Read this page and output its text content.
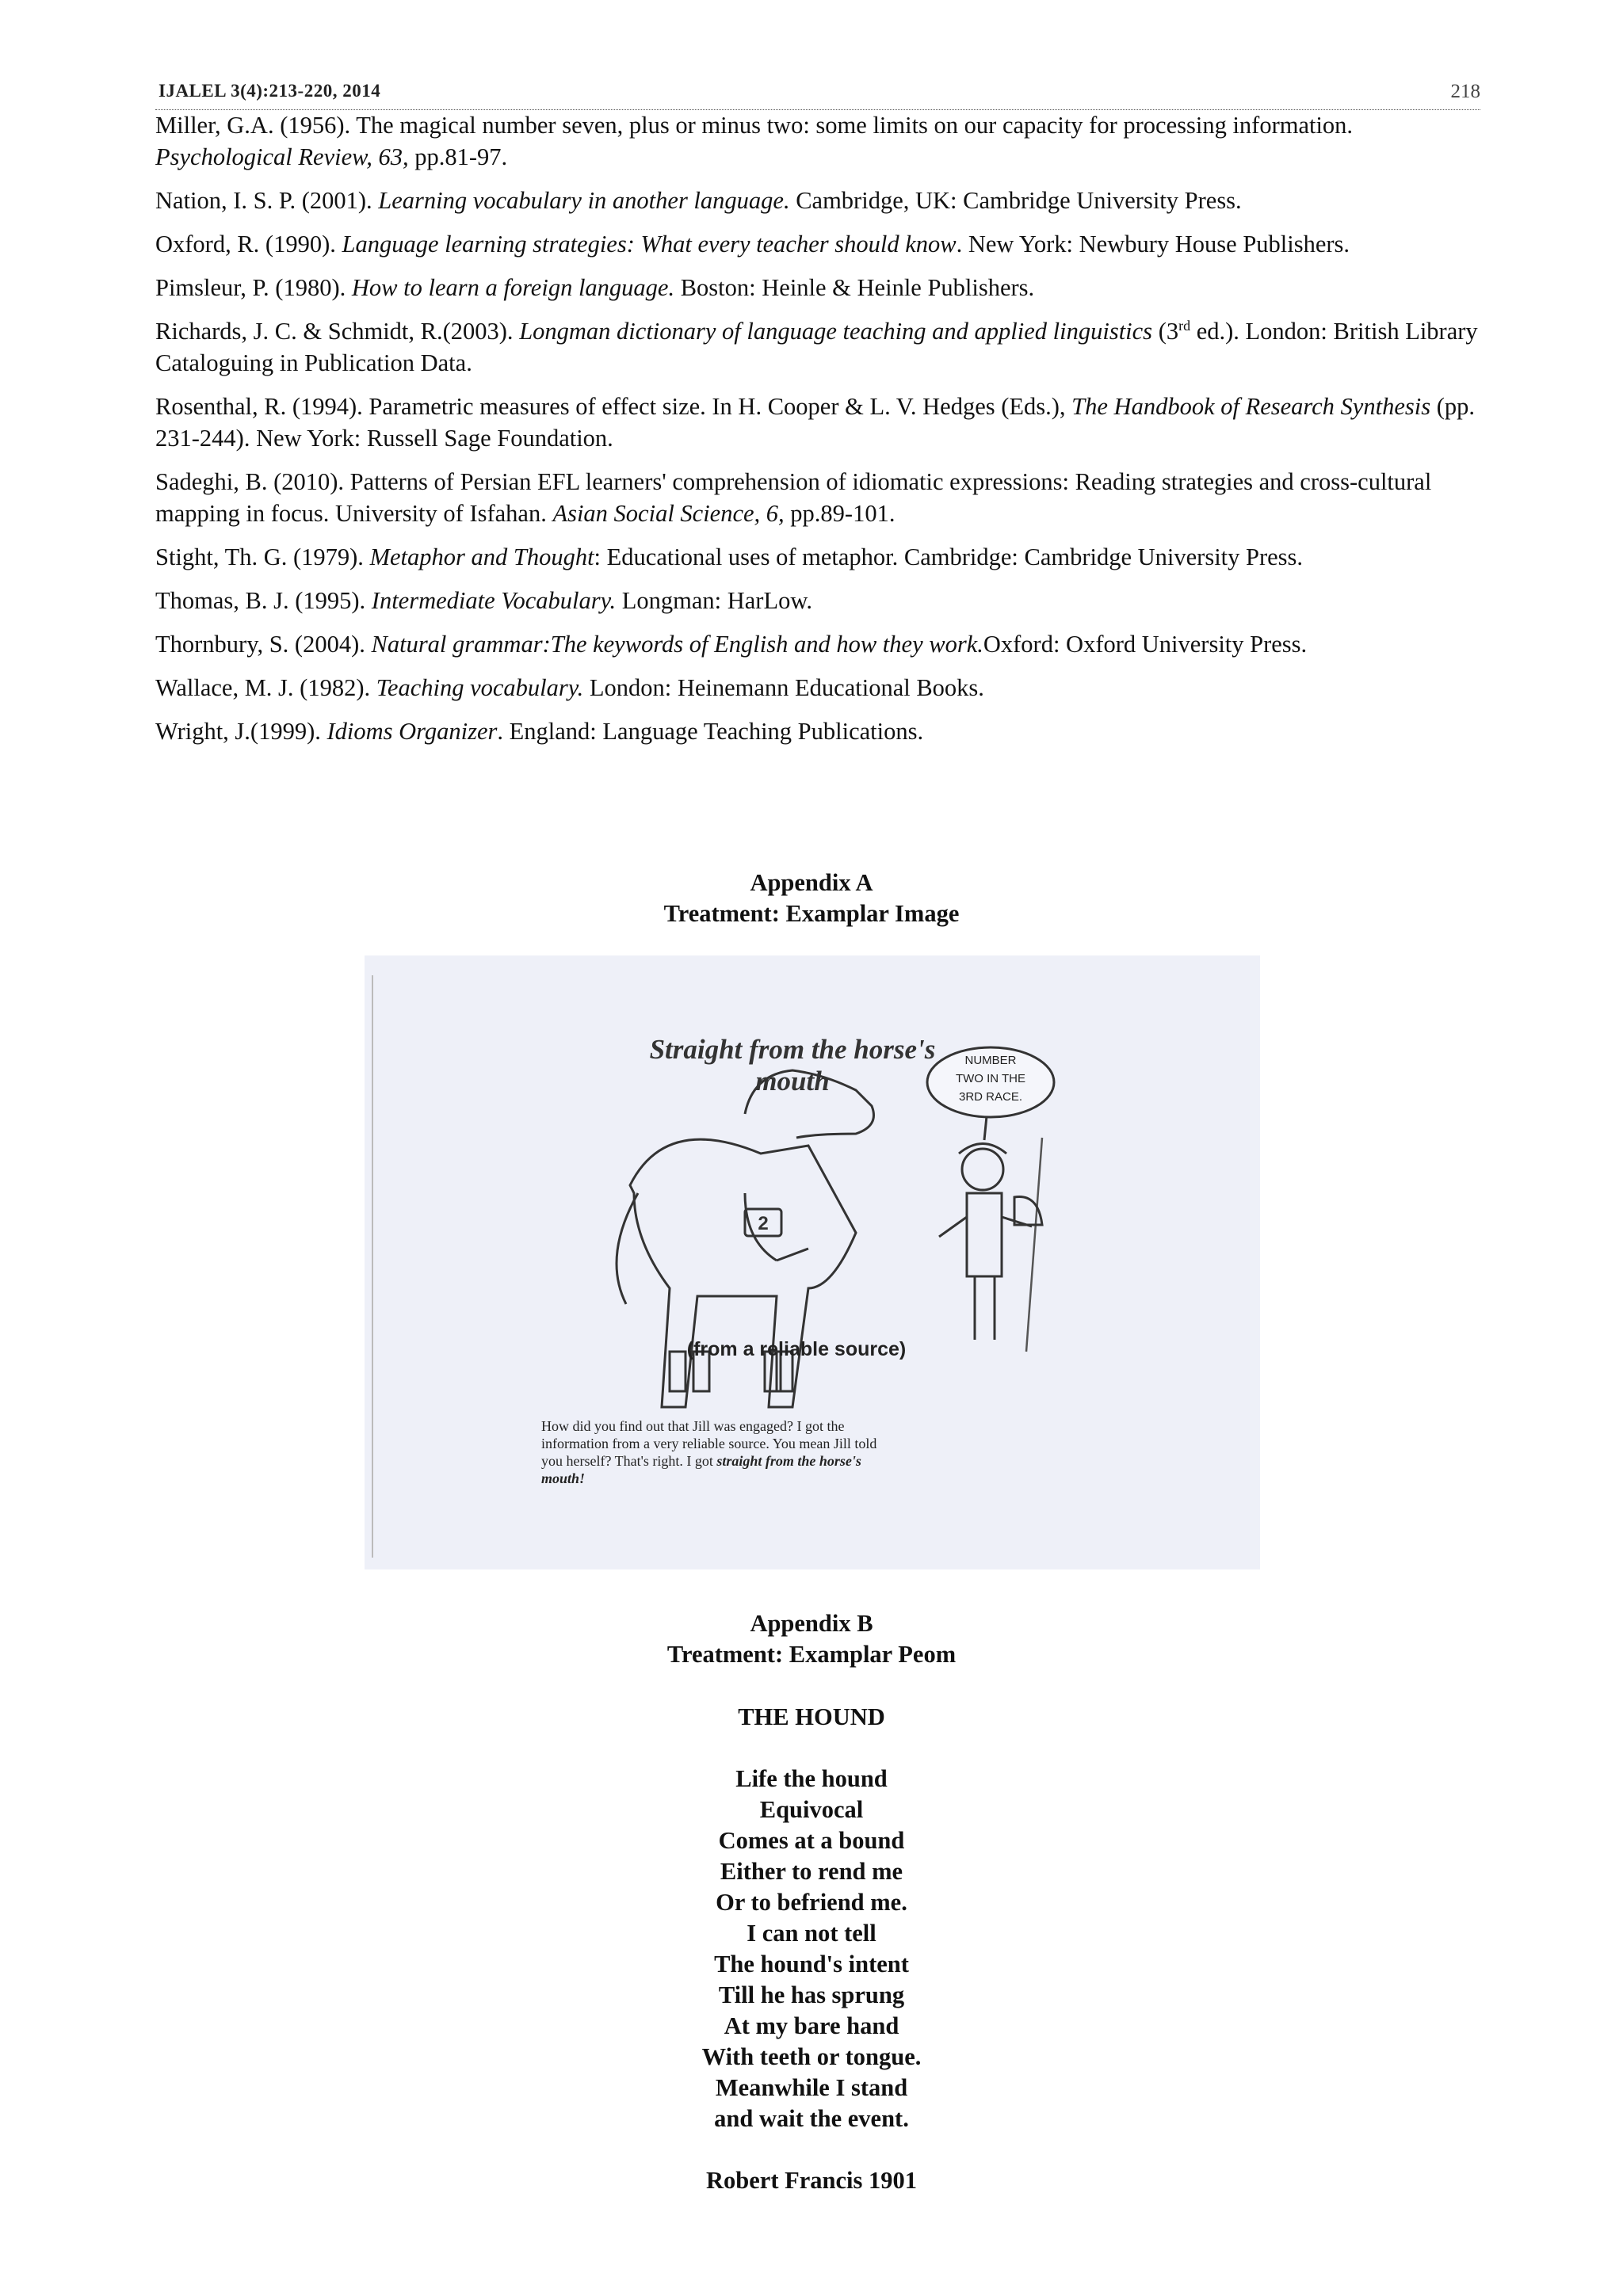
IJALEL 3(4):213-220, 2014	218

Miller, G.A. (1956). The magical number seven, plus or minus two: some limits on our capacity for processing information. Psychological Review, 63, pp.81-97.

Nation, I. S. P. (2001). Learning vocabulary in another language. Cambridge, UK: Cambridge University Press.

Oxford, R. (1990). Language learning strategies: What every teacher should know. New York: Newbury House Publishers.

Pimsleur, P. (1980). How to learn a foreign language. Boston: Heinle & Heinle Publishers.

Richards, J. C. & Schmidt, R.(2003). Longman dictionary of language teaching and applied linguistics (3rd ed.). London: British Library Cataloguing in Publication Data.

Rosenthal, R. (1994). Parametric measures of effect size. In H. Cooper & L. V. Hedges (Eds.), The Handbook of Research Synthesis (pp. 231-244). New York: Russell Sage Foundation.

Sadeghi, B. (2010). Patterns of Persian EFL learners' comprehension of idiomatic expressions: Reading strategies and cross-cultural mapping in focus. University of Isfahan. Asian Social Science, 6, pp.89-101.

Stight, Th. G. (1979). Metaphor and Thought: Educational uses of metaphor. Cambridge: Cambridge University Press.

Thomas, B. J. (1995). Intermediate Vocabulary. Longman: HarLow.

Thornbury, S. (2004). Natural grammar:The keywords of English and how they work.Oxford: Oxford University Press.

Wallace, M. J. (1982). Teaching vocabulary. London: Heinemann Educational Books.

Wright, J.(1999). Idioms Organizer. England: Language Teaching Publications.

Appendix A
Treatment: Examplar Image
Straight from the horse's
mouth
2
NUMBER
TWO IN THE
3RD RACE.
(from a reliable source)
How did you find out that Jill was engaged? I got the
information from a very reliable source. You mean Jill told
you herself? That's right. I got straight from the horse's
mouth!
Appendix B
Treatment: Examplar Peom
THE HOUND
Life the hound
Equivocal
Comes at a bound
Either to rend me
Or to befriend me.
I can not tell
The hound's intent
Till he has sprung
At my bare hand
With teeth or tongue.
Meanwhile I stand
and wait the event.
Robert Francis 1901
